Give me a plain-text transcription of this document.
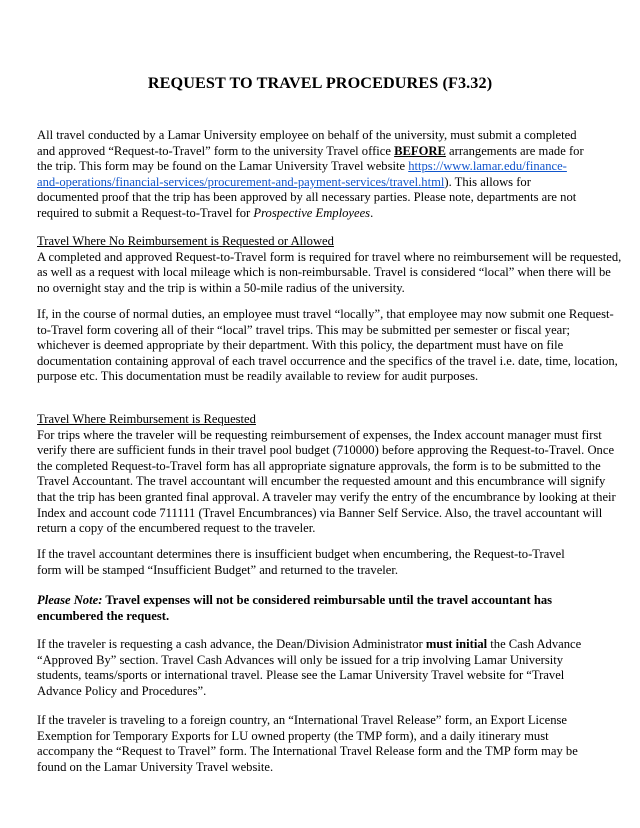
REQUEST TO TRAVEL PROCEDURES (F3.32)
All travel conducted by a Lamar University employee on behalf of the university, must submit a completed
and approved “Request-to-Travel” form to the university Travel office BEFORE arrangements are made for
the trip. This form may be found on the Lamar University Travel website https://www.lamar.edu/finance-
and-operations/financial-services/procurement-and-payment-services/travel.html). This allows for
documented proof that the trip has been approved by all necessary parties. Please note, departments are not
required to submit a Request-to-Travel for Prospective Employees.
Travel Where No Reimbursement is Requested or Allowed
A completed and approved Request-to-Travel form is required for travel where no reimbursement will be requested,
as well as a request with local mileage which is non-reimbursable. Travel is considered “local” when there will be
no overnight stay and the trip is within a 50-mile radius of the university.
If, in the course of normal duties, an employee must travel “locally”, that employee may now submit one Request-
to-Travel form covering all of their “local” travel trips. This may be submitted per semester or fiscal year;
whichever is deemed appropriate by their department. With this policy, the department must have on file
documentation containing approval of each travel occurrence and the specifics of the travel i.e. date, time, location,
purpose etc. This documentation must be readily available to review for audit purposes.
Travel Where Reimbursement is Requested
For trips where the traveler will be requesting reimbursement of expenses, the Index account manager must first
verify there are sufficient funds in their travel pool budget (710000) before approving the Request-to-Travel. Once
the completed Request-to-Travel form has all appropriate signature approvals, the form is to be submitted to the
Travel Accountant. The travel accountant will encumber the requested amount and this encumbrance will signify
that the trip has been granted final approval. A traveler may verify the entry of the encumbrance by looking at their
Index and account code 711111 (Travel Encumbrances) via Banner Self Service. Also, the travel accountant will
return a copy of the encumbered request to the traveler.
If the travel accountant determines there is insufficient budget when encumbering, the Request-to-Travel
form will be stamped “Insufficient Budget” and returned to the traveler.
Please Note: Travel expenses will not be considered reimbursable until the travel accountant has
encumbered the request.
If the traveler is requesting a cash advance, the Dean/Division Administrator must initial the Cash Advance
“Approved By” section. Travel Cash Advances will only be issued for a trip involving Lamar University
students, teams/sports or international travel. Please see the Lamar University Travel website for “Travel
Advance Policy and Procedures”.
If the traveler is traveling to a foreign country, an “International Travel Release” form, an Export License
Exemption for Temporary Exports for LU owned property (the TMP form), and a daily itinerary must
accompany the “Request to Travel” form. The International Travel Release form and the TMP form may be
found on the Lamar University Travel website.
